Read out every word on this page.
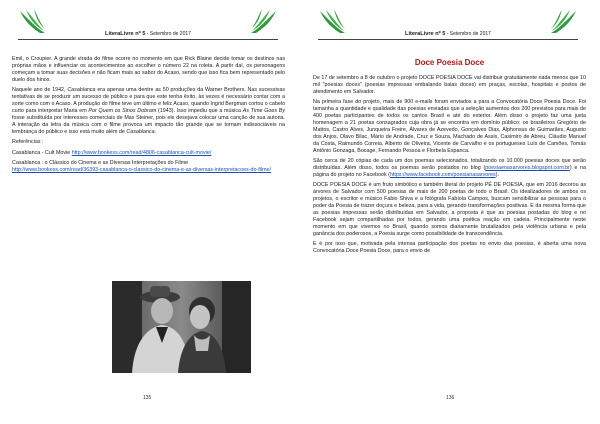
LiteraLivre nº 5 - Setembro de 2017

Emil, o Croupier. A grande virada do filme ocorre no momento em que Rick Blaine decide tomar os destinos nas próprias mãos e influenciar os acontecimentos ao escolher o número 22 na roleta. A partir daí, os personagens começam a tomar suas decisões e não ficam mais ao sabor do Acaso, sendo que isso fica bem representado pelo duelo dos hinos.

Naquele ano de 1942, Casablanca era apenas uma dentre as 50 produções da Warner Brothers. Nas sucessivas tentativas de se produzir um sucesso de público e para que este tenha êxito, às vezes é necessário contar com a sorte como com o Acaso. A produção do filme teve um último e feliz Acaso, quando Ingrid Bergman cortou o cabelo curto para interpretar Maria em Por Quem os Sinos Dobram (1943). Isso impediu que a música As Time Goes By fosse substituída por interesses comerciais de Max Steiner, pois ele desejava colocar uma canção de sua autoria. A interação da letra da música com o filme provoca um impacto tão grande que se tornam indissociáveis na lembrança do público e isso está muito além de Casablanca.

Referências :

Casablanca - Cult Movie http://www.bookess.com/read/4806-casablanca-cult-movie/

Casablanca : o Clássico do Cinema e as Diversas Interpretações do Filme
http://www.bookess.com/read/36393-casablanca-o-classico-do-cinema-e-as-diversas-interpretacoes-do-filme/

135
LiteraLivre nº 5 - Setembro de 2017
Doce Poesia Doce

De 17 de setembro a 8 de outubro o projeto DOCE POESIA DOCE vai distribuir gratuitamente nada menos que 10 mil "poesias doces" (poesias impressas embalando balas doces) em praças, escolas, hospitais e postos de atendimento em Salvador.

Na primeira fase do projeto, mais de 900 e-mails foram enviados a para a Convocatória Doce Poesia Doce. Foi tamanha a quantidade e qualidade das poesias enviadas que a seleção aumentou dos 200 previstos para mais de 400 poetas participantes de todos os cantos Brasil e até do exterior. Além disso o projeto faz uma justa homenagem a 21 poetas consagrados cuja obra já se encontra em domínio público: os brasileiros Gregório de Mattos, Castro Alves, Junqueira Freire, Álvares de Azevedo, Gonçalves Dias, Alphonsus de Guimarães, Augusto dos Anjos, Olavo Bilac, Mário de Andrade, Cruz e Souza, Machado de Assis, Casimiro de Abreu, Cláudio Manuel da Costa, Raimundo Correia, Alberto de Oliveira, Vicente de Carvalho e os portugueses Luís de Camões, Tomás Antônio Gonzaga, Bocage, Fernando Pessoa e Florbela Espanca.

São cerca de 20 cópias de cada um dos poemas selecionados, totalizando os 10.000 poesias doces que serão distribuídas. Além disso, todos os poemas serão postados no blog (poesiaenasarvores.blogspot.com.br) e na página do projeto no Facebook (https://www.facebook.com/poesianasarvores).

DOCE POESIA DOCE é um fruto simbólico e também literal do projeto PÉ DE POESIA, que em 2016 decorou as árvores de Salvador com 500 poesias de mais de 200 poetas de todo o Brasil. Os idealizadores de ambos os projetos, o escritor e músico Fabio Shiva e a fotógrafa Fabíola Campos, buscam sensibilizar as pessoas para o poder da Poesia de trazer doçura e beleza, para a vida, gerando transformações positivas. E da mesma forma que as poesias impressas serão distribuídas em Salvador, a proposta é que as poesias postadas do blog e no Facebook sejam compartilhadas por todos, gerando uma poética reação em cadeia. Principalmente neste momento em que vivemos no Brasil, quando somos diariamente brutalizados pela violência urbana e pela ganância dos poderosos, a Poesia surge como possibilidade de transcendência.

E é por isso que, motivada pela intensa participação dos poetas no envio das poesias, é aberta uma nova Convocatória Doce Poesia Doce, para o envio de

136
